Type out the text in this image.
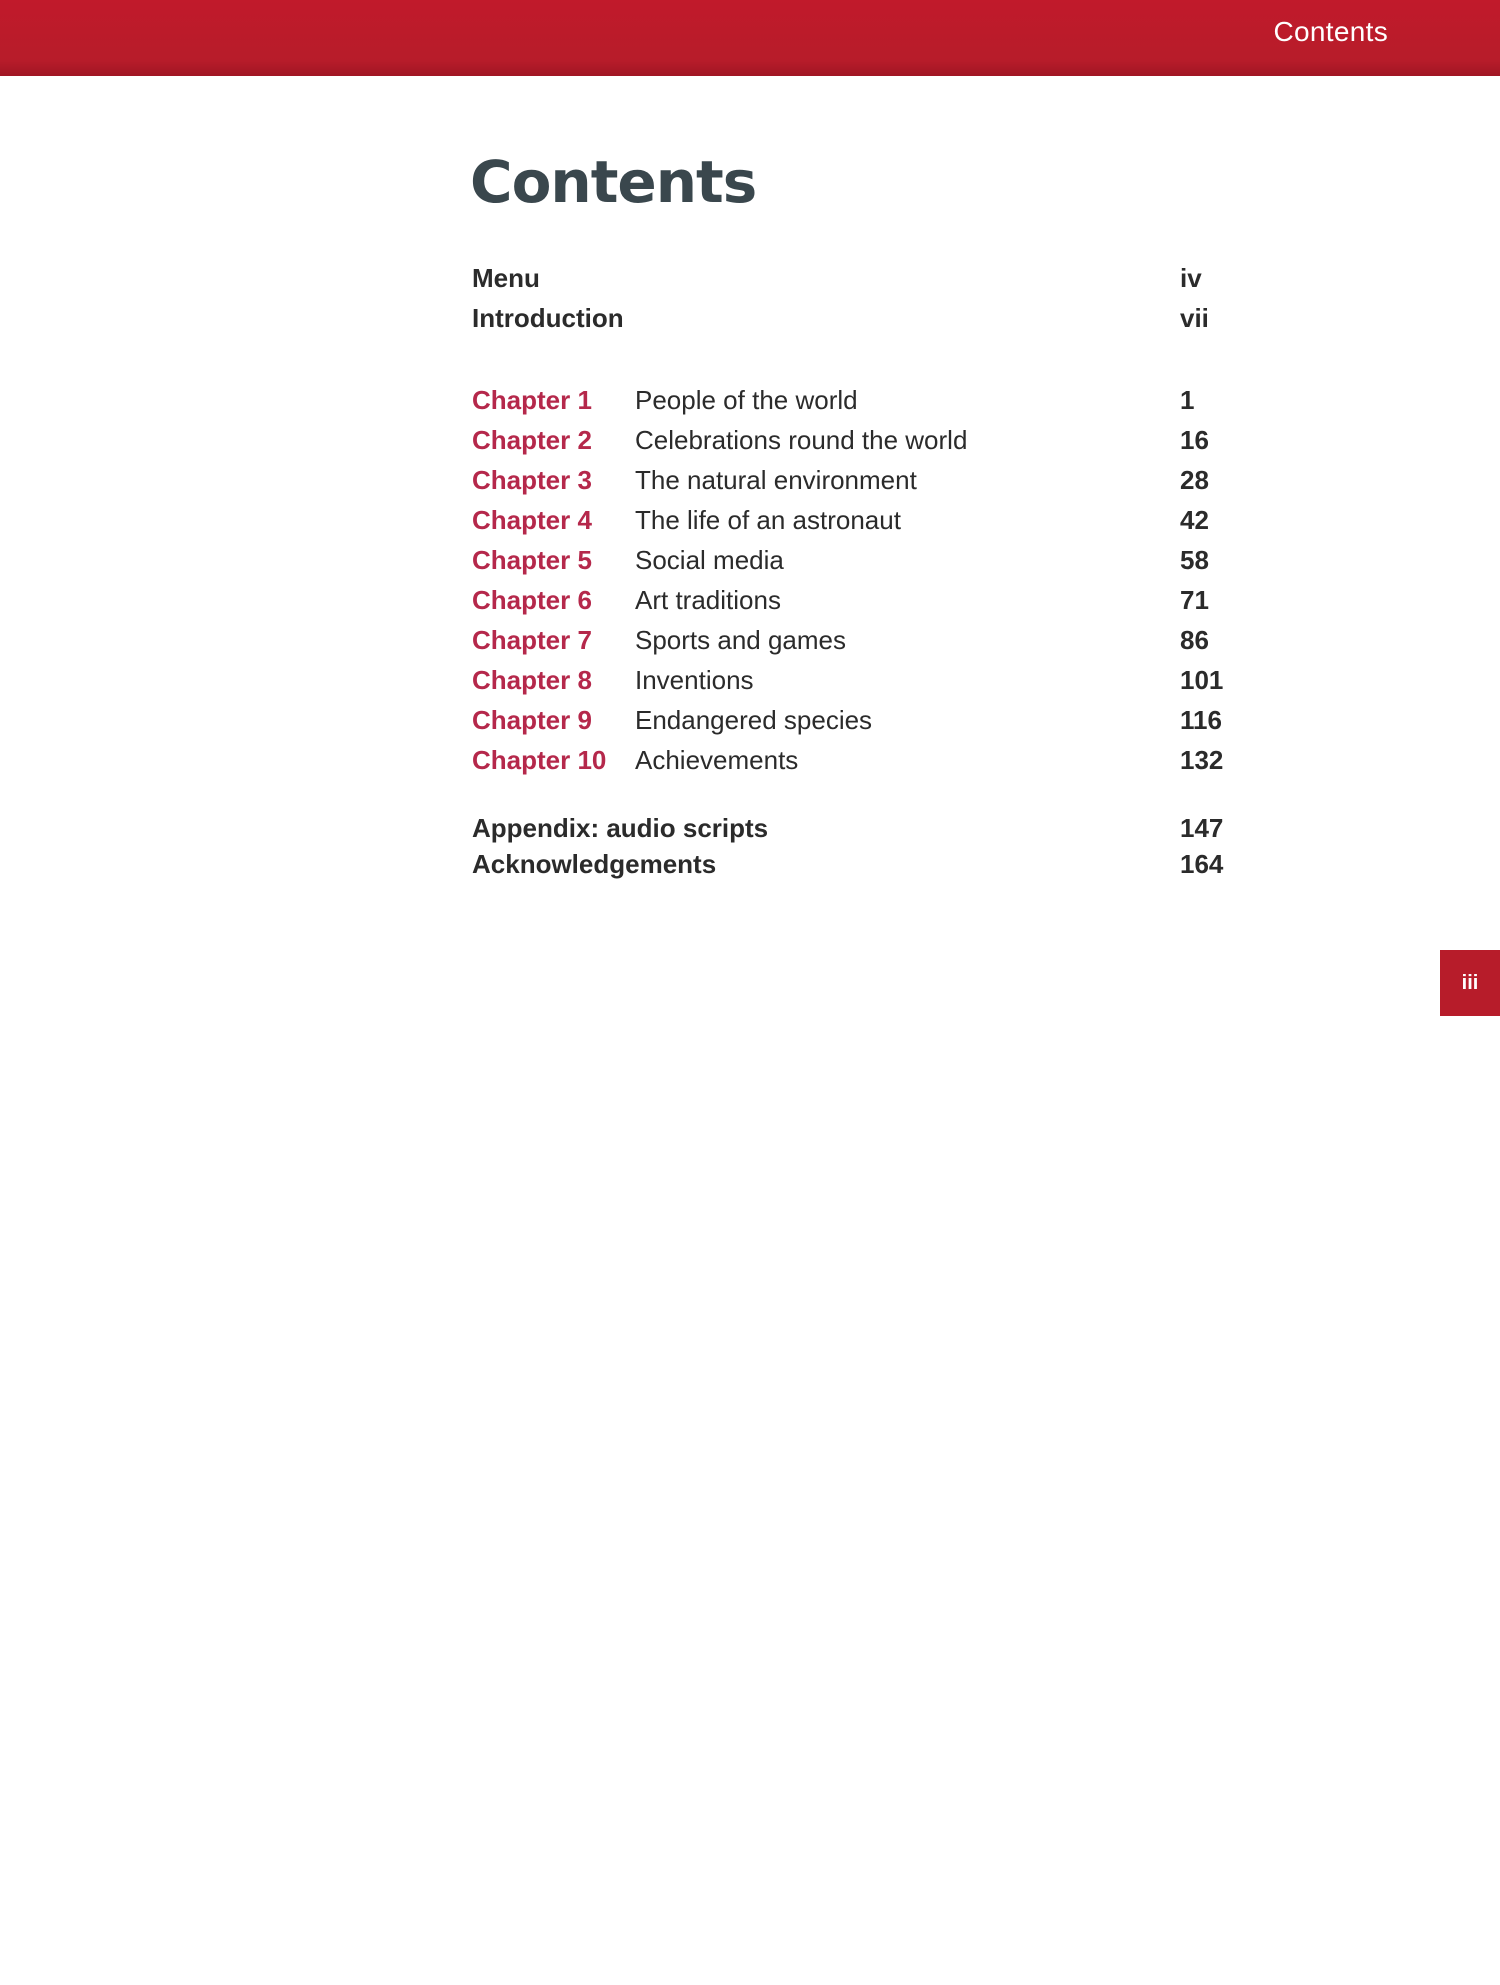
Contents
Contents
Menu	iv
Introduction	vii
Chapter 1 People of the world	1
Chapter 2 Celebrations round the world	16
Chapter 3 The natural environment	28
Chapter 4 The life of an astronaut	42
Chapter 5 Social media	58
Chapter 6 Art traditions	71
Chapter 7 Sports and games	86
Chapter 8 Inventions	101
Chapter 9 Endangered species	116
Chapter 10 Achievements	132
Appendix: audio scripts	147
Acknowledgements	164
iii
